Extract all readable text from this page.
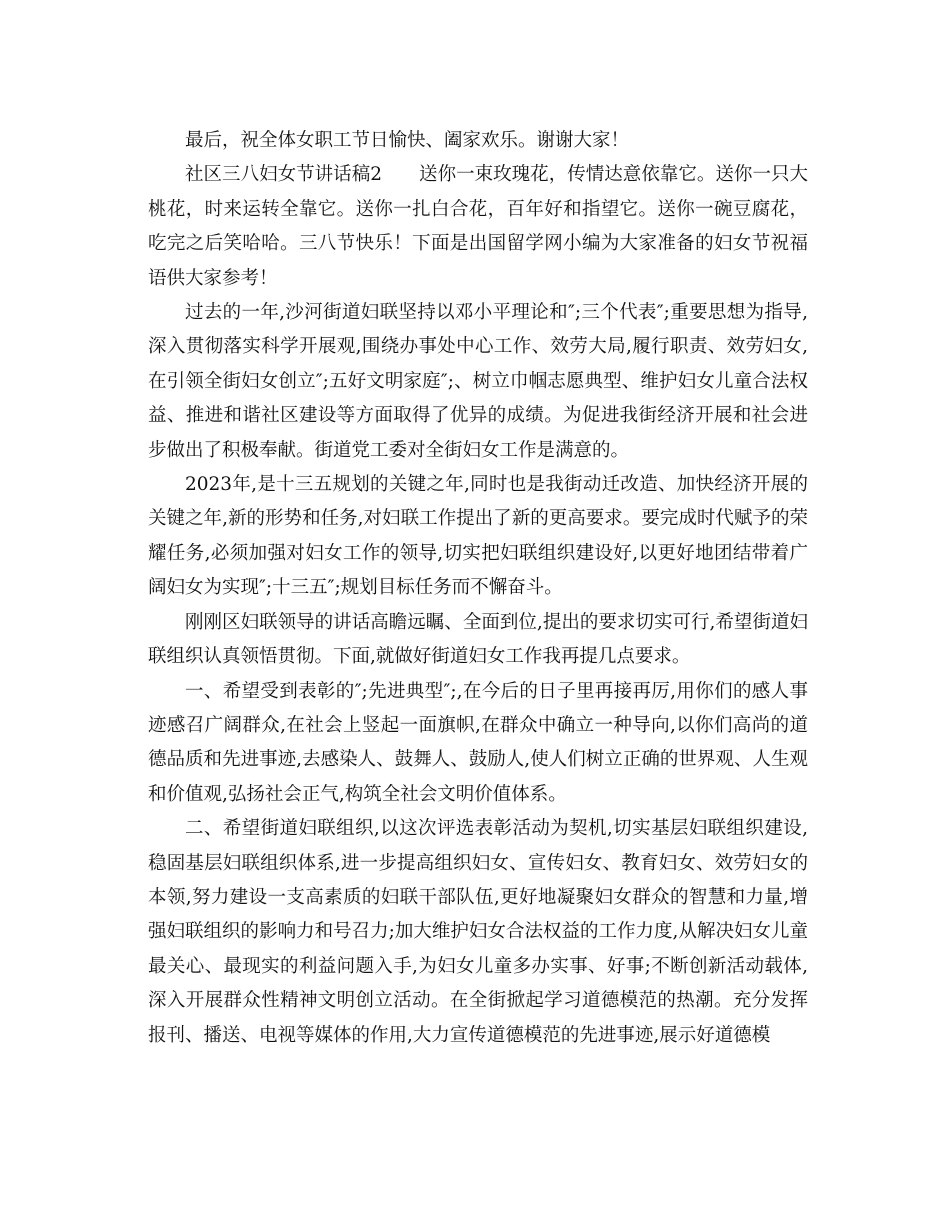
最后，祝全体女职工节日愉快、阖家欢乐。谢谢大家！

社区三八妇女节讲话稿2　　送你一束玫瑰花，传情达意依靠它。送你一只大桃花，时来运转全靠它。送你一扎白合花，百年好和指望它。送你一碗豆腐花，吃完之后笑哈哈。三八节快乐！下面是出国留学网小编为大家准备的妇女节祝福语供大家参考！

过去的一年,沙河街道妇联坚持以邓小平理论和″;三个代表″;重要思想为指导,深入贯彻落实科学开展观,围绕办事处中心工作、效劳大局,履行职责、效劳妇女,在引领全街妇女创立″;五好文明家庭″;、树立巾帼志愿典型、维护妇女儿童合法权益、推进和谐社区建设等方面取得了优异的成绩。为促进我街经济开展和社会进步做出了积极奉献。街道党工委对全街妇女工作是满意的。

2023年,是十三五规划的关键之年,同时也是我街动迁改造、加快经济开展的关键之年,新的形势和任务,对妇联工作提出了新的更高要求。要完成时代赋予的荣耀任务,必须加强对妇女工作的领导,切实把妇联组织建设好,以更好地团结带着广阔妇女为实现″;十三五″;规划目标任务而不懈奋斗。

刚刚区妇联领导的讲话高瞻远瞩、全面到位,提出的要求切实可行,希望街道妇联组织认真领悟贯彻。下面,就做好街道妇女工作我再提几点要求。

一、希望受到表彰的″;先进典型″;,在今后的日子里再接再厉,用你们的感人事迹感召广阔群众,在社会上竖起一面旗帜,在群众中确立一种导向,以你们高尚的道德品质和先进事迹,去感染人、鼓舞人、鼓励人,使人们树立正确的世界观、人生观和价值观,弘扬社会正气,构筑全社会文明价值体系。

二、希望街道妇联组织,以这次评选表彰活动为契机,切实基层妇联组织建设,稳固基层妇联组织体系,进一步提高组织妇女、宣传妇女、教育妇女、效劳妇女的本领,努力建设一支高素质的妇联干部队伍,更好地凝聚妇女群众的智慧和力量,增强妇联组织的影响力和号召力;加大维护妇女合法权益的工作力度,从解决妇女儿童最关心、最现实的利益问题入手,为妇女儿童多办实事、好事;不断创新活动载体,深入开展群众性精神文明创立活动。在全街掀起学习道德模范的热潮。充分发挥报刊、播送、电视等媒体的作用,大力宣传道德模范的先进事迹,展示好道德模
